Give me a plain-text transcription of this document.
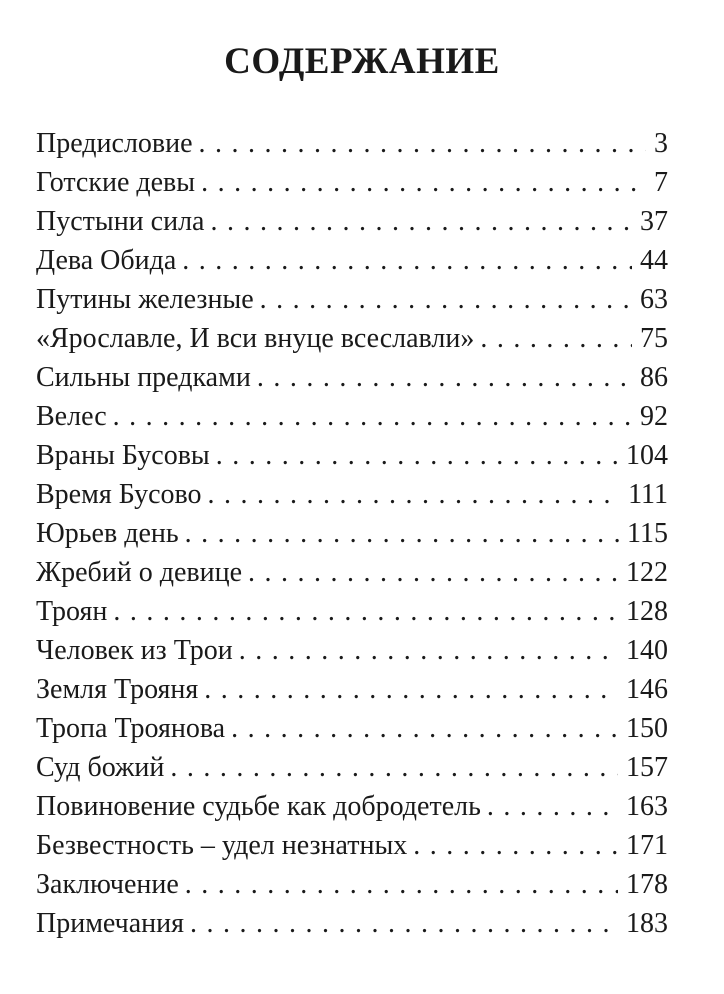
СОДЕРЖАНИЕ
Предисловие .....	3
Готские девы .....	7
Пустыни сила .....	37
Дева Обида .....	44
Путины железные .....	63
«Ярославле, И вси внуце всеславли» .....	75
Сильны предками .....	86
Велес .....	92
Враны Бусовы .....	104
Время Бусово .....	111
Юрьев день .....	115
Жребий о девице .....	122
Троян .....	128
Человек из Трои .....	140
Земля Трояня .....	146
Тропа Троянова .....	150
Суд божий .....	157
Повиновение судьбе как добродетель .....	163
Безвестность – удел незнатных .....	171
Заключение .....	178
Примечания .....	183
